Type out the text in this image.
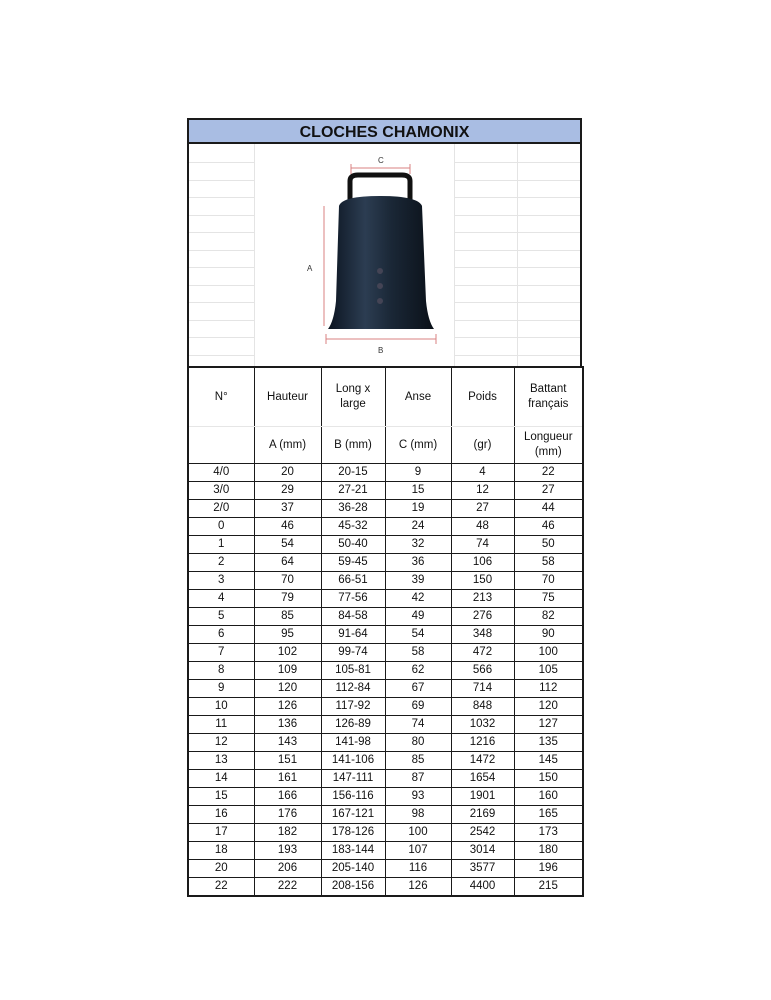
CLOCHES CHAMONIX
C
A
B
N°	Hauteur	Long x large	Anse	Poids	Battant français
	A (mm)	B (mm)	C (mm)	(gr)	Longueur (mm)
4/0	20	20-15	9	4	22
3/0	29	27-21	15	12	27
2/0	37	36-28	19	27	44
0	46	45-32	24	48	46
1	54	50-40	32	74	50
2	64	59-45	36	106	58
3	70	66-51	39	150	70
4	79	77-56	42	213	75
5	85	84-58	49	276	82
6	95	91-64	54	348	90
7	102	99-74	58	472	100
8	109	105-81	62	566	105
9	120	112-84	67	714	112
10	126	117-92	69	848	120
11	136	126-89	74	1032	127
12	143	141-98	80	1216	135
13	151	141-106	85	1472	145
14	161	147-111	87	1654	150
15	166	156-116	93	1901	160
16	176	167-121	98	2169	165
17	182	178-126	100	2542	173
18	193	183-144	107	3014	180
20	206	205-140	116	3577	196
22	222	208-156	126	4400	215
